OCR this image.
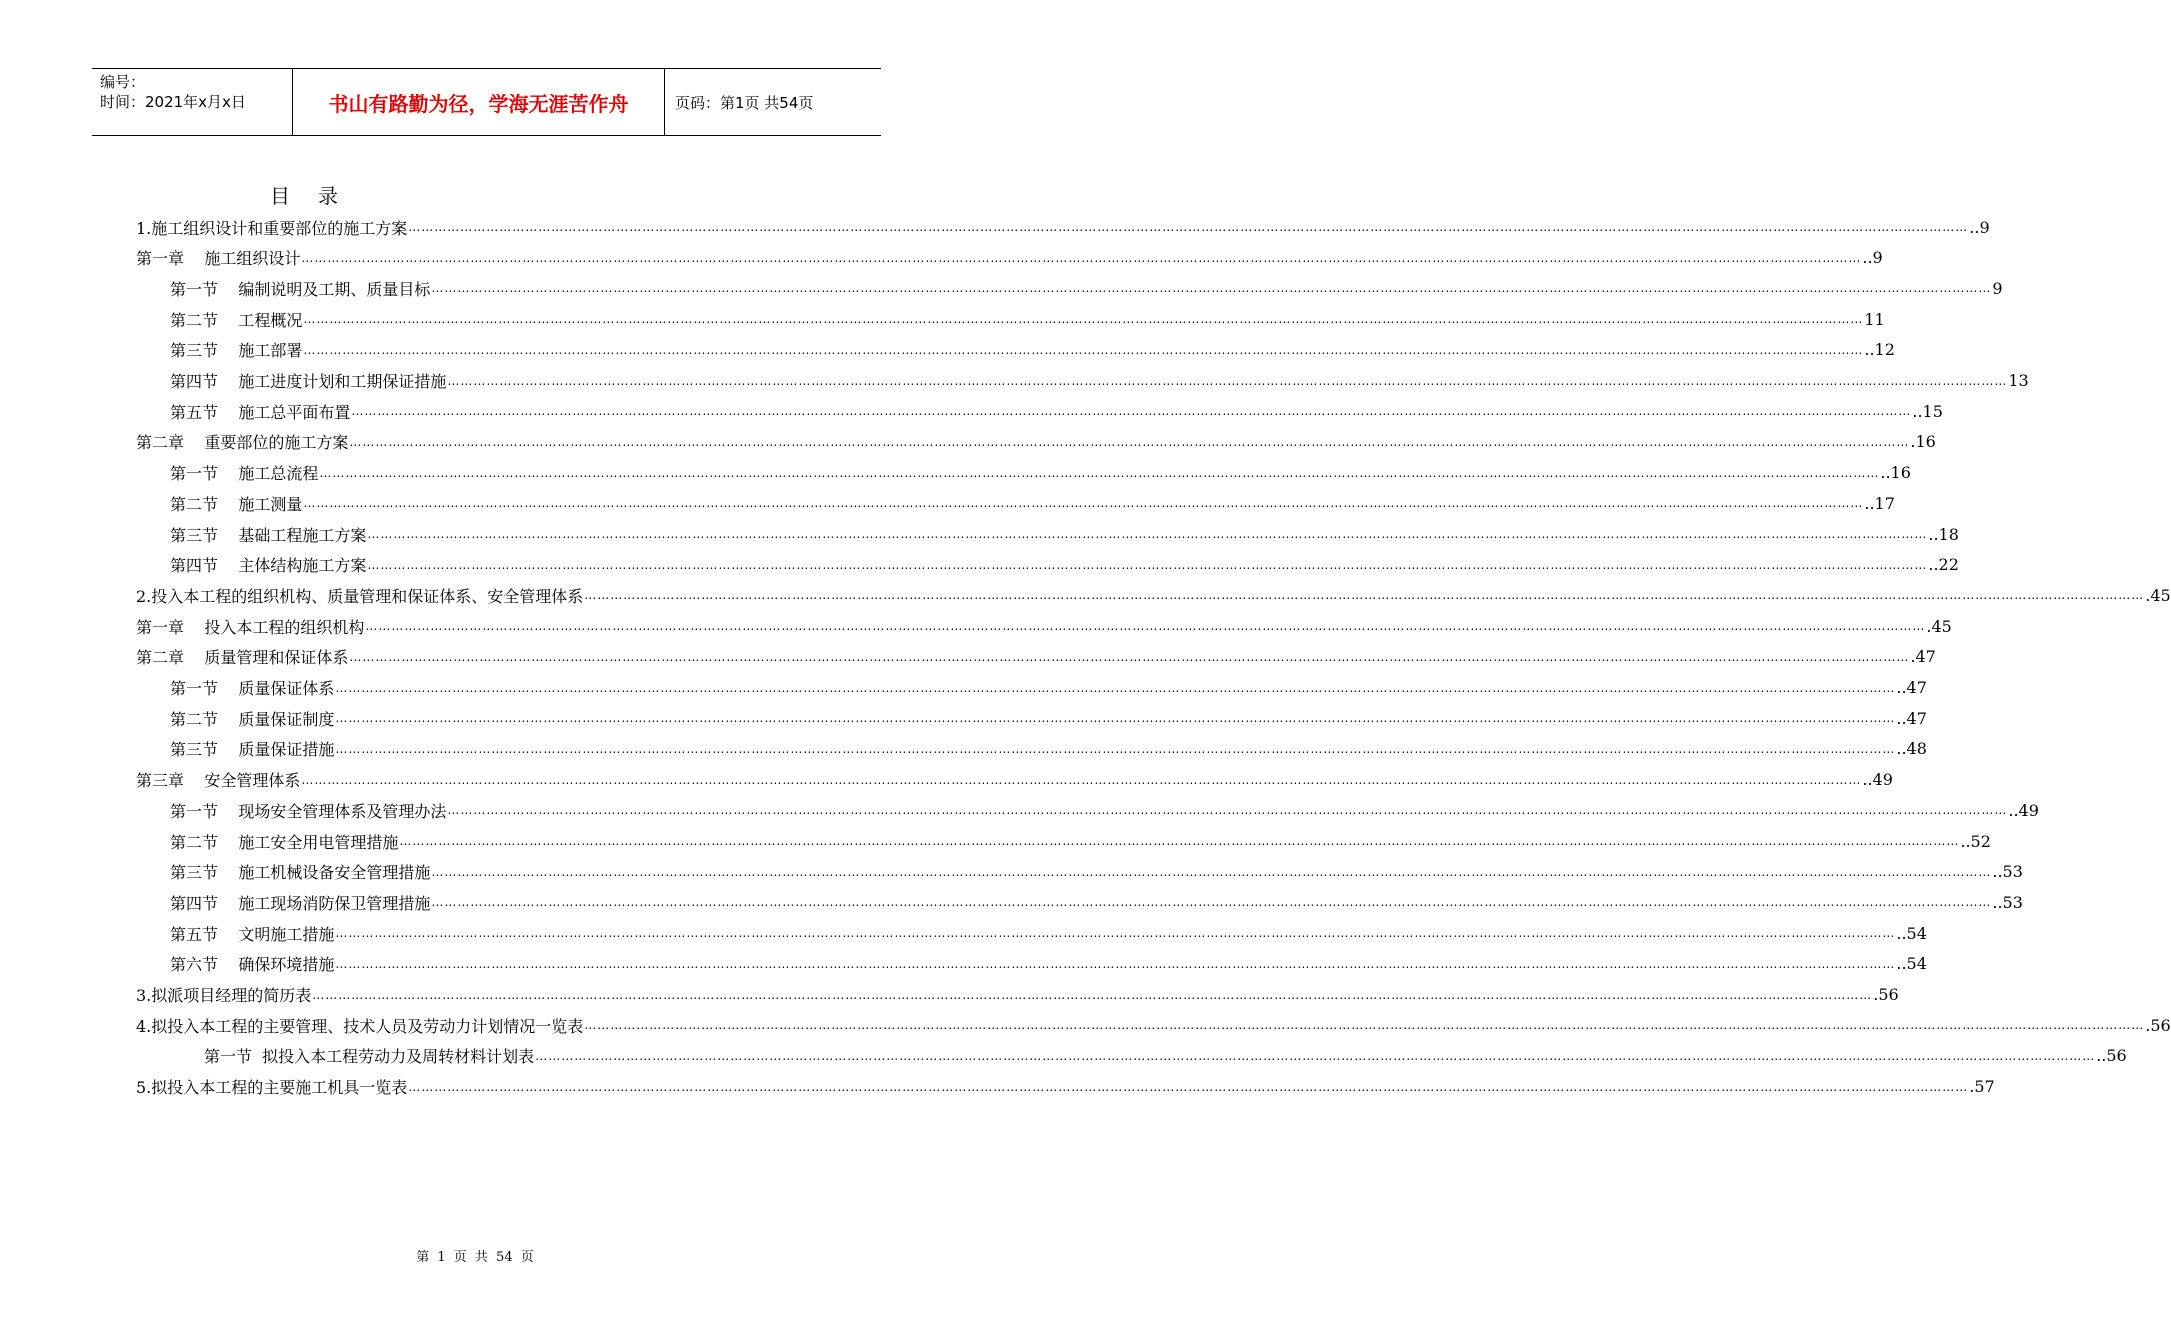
编号：
时间：2021年x月x日	书山有路勤为径，学海无涯苦作舟	页码：第1页 共54页
目录
1.施工组织设计和重要部位的施工方案 ……………………………………………………………………………………………………………………………………………………………………………………………………………………………………………………………………………………………………………………………… ..9
第一章    施工组织设计 ……………………………………………………………………………………………………………………………………………………………………………………………………………………………………………………………………………………………………………………………… ..9
第一节    编制说明及工期、质量目标 ……………………………………………………………………………………………………………………………………………………………………………………………………………………………………………………………………………………………………………………………… 9
第二节    工程概况 ……………………………………………………………………………………………………………………………………………………………………………………………………………………………………………………………………………………………………………………………… 11
第三节    施工部署 ……………………………………………………………………………………………………………………………………………………………………………………………………………………………………………………………………………………………………………………………… ..12
第四节    施工进度计划和工期保证措施 ……………………………………………………………………………………………………………………………………………………………………………………………………………………………………………………………………………………………………………………………… 13
第五节    施工总平面布置 ……………………………………………………………………………………………………………………………………………………………………………………………………………………………………………………………………………………………………………………………… ..15
第二章    重要部位的施工方案 ……………………………………………………………………………………………………………………………………………………………………………………………………………………………………………………………………………………………………………………………… .16
第一节    施工总流程 ……………………………………………………………………………………………………………………………………………………………………………………………………………………………………………………………………………………………………………………………… ..16
第二节    施工测量 ……………………………………………………………………………………………………………………………………………………………………………………………………………………………………………………………………………………………………………………………… ..17
第三节    基础工程施工方案 ……………………………………………………………………………………………………………………………………………………………………………………………………………………………………………………………………………………………………………………………… ..18
第四节    主体结构施工方案 ……………………………………………………………………………………………………………………………………………………………………………………………………………………………………………………………………………………………………………………………… ..22
2.投入本工程的组织机构、质量管理和保证体系、安全管理体系 ……………………………………………………………………………………………………………………………………………………………………………………………………………………………………………………………………………………………………………………………… .45
第一章    投入本工程的组织机构 ……………………………………………………………………………………………………………………………………………………………………………………………………………………………………………………………………………………………………………………………… .45
第二章    质量管理和保证体系 ……………………………………………………………………………………………………………………………………………………………………………………………………………………………………………………………………………………………………………………………… .47
第一节    质量保证体系 ……………………………………………………………………………………………………………………………………………………………………………………………………………………………………………………………………………………………………………………………… ..47
第二节    质量保证制度 ……………………………………………………………………………………………………………………………………………………………………………………………………………………………………………………………………………………………………………………………… ..47
第三节    质量保证措施 ……………………………………………………………………………………………………………………………………………………………………………………………………………………………………………………………………………………………………………………………… ..48
第三章    安全管理体系 ……………………………………………………………………………………………………………………………………………………………………………………………………………………………………………………………………………………………………………………………… ..49
第一节    现场安全管理体系及管理办法 ……………………………………………………………………………………………………………………………………………………………………………………………………………………………………………………………………………………………………………………………… ..49
第二节    施工安全用电管理措施 ……………………………………………………………………………………………………………………………………………………………………………………………………………………………………………………………………………………………………………………………… ..52
第三节    施工机械设备安全管理措施 ……………………………………………………………………………………………………………………………………………………………………………………………………………………………………………………………………………………………………………………………… ..53
第四节    施工现场消防保卫管理措施 ……………………………………………………………………………………………………………………………………………………………………………………………………………………………………………………………………………………………………………………………… ..53
第五节    文明施工措施 ……………………………………………………………………………………………………………………………………………………………………………………………………………………………………………………………………………………………………………………………… ..54
第六节    确保环境措施 ……………………………………………………………………………………………………………………………………………………………………………………………………………………………………………………………………………………………………………………………… ..54
3.拟派项目经理的简历表 ……………………………………………………………………………………………………………………………………………………………………………………………………………………………………………………………………………………………………………………………… .56
4.拟投入本工程的主要管理、技术人员及劳动力计划情况一览表 ……………………………………………………………………………………………………………………………………………………………………………………………………………………………………………………………………………………………………………………………… .56
第一节  拟投入本工程劳动力及周转材料计划表 ……………………………………………………………………………………………………………………………………………………………………………………………………………………………………………………………………………………………………………………………… ..56
5.拟投入本工程的主要施工机具一览表 ……………………………………………………………………………………………………………………………………………………………………………………………………………………………………………………………………………………………………………………………… .57
第 1 页 共 54 页
